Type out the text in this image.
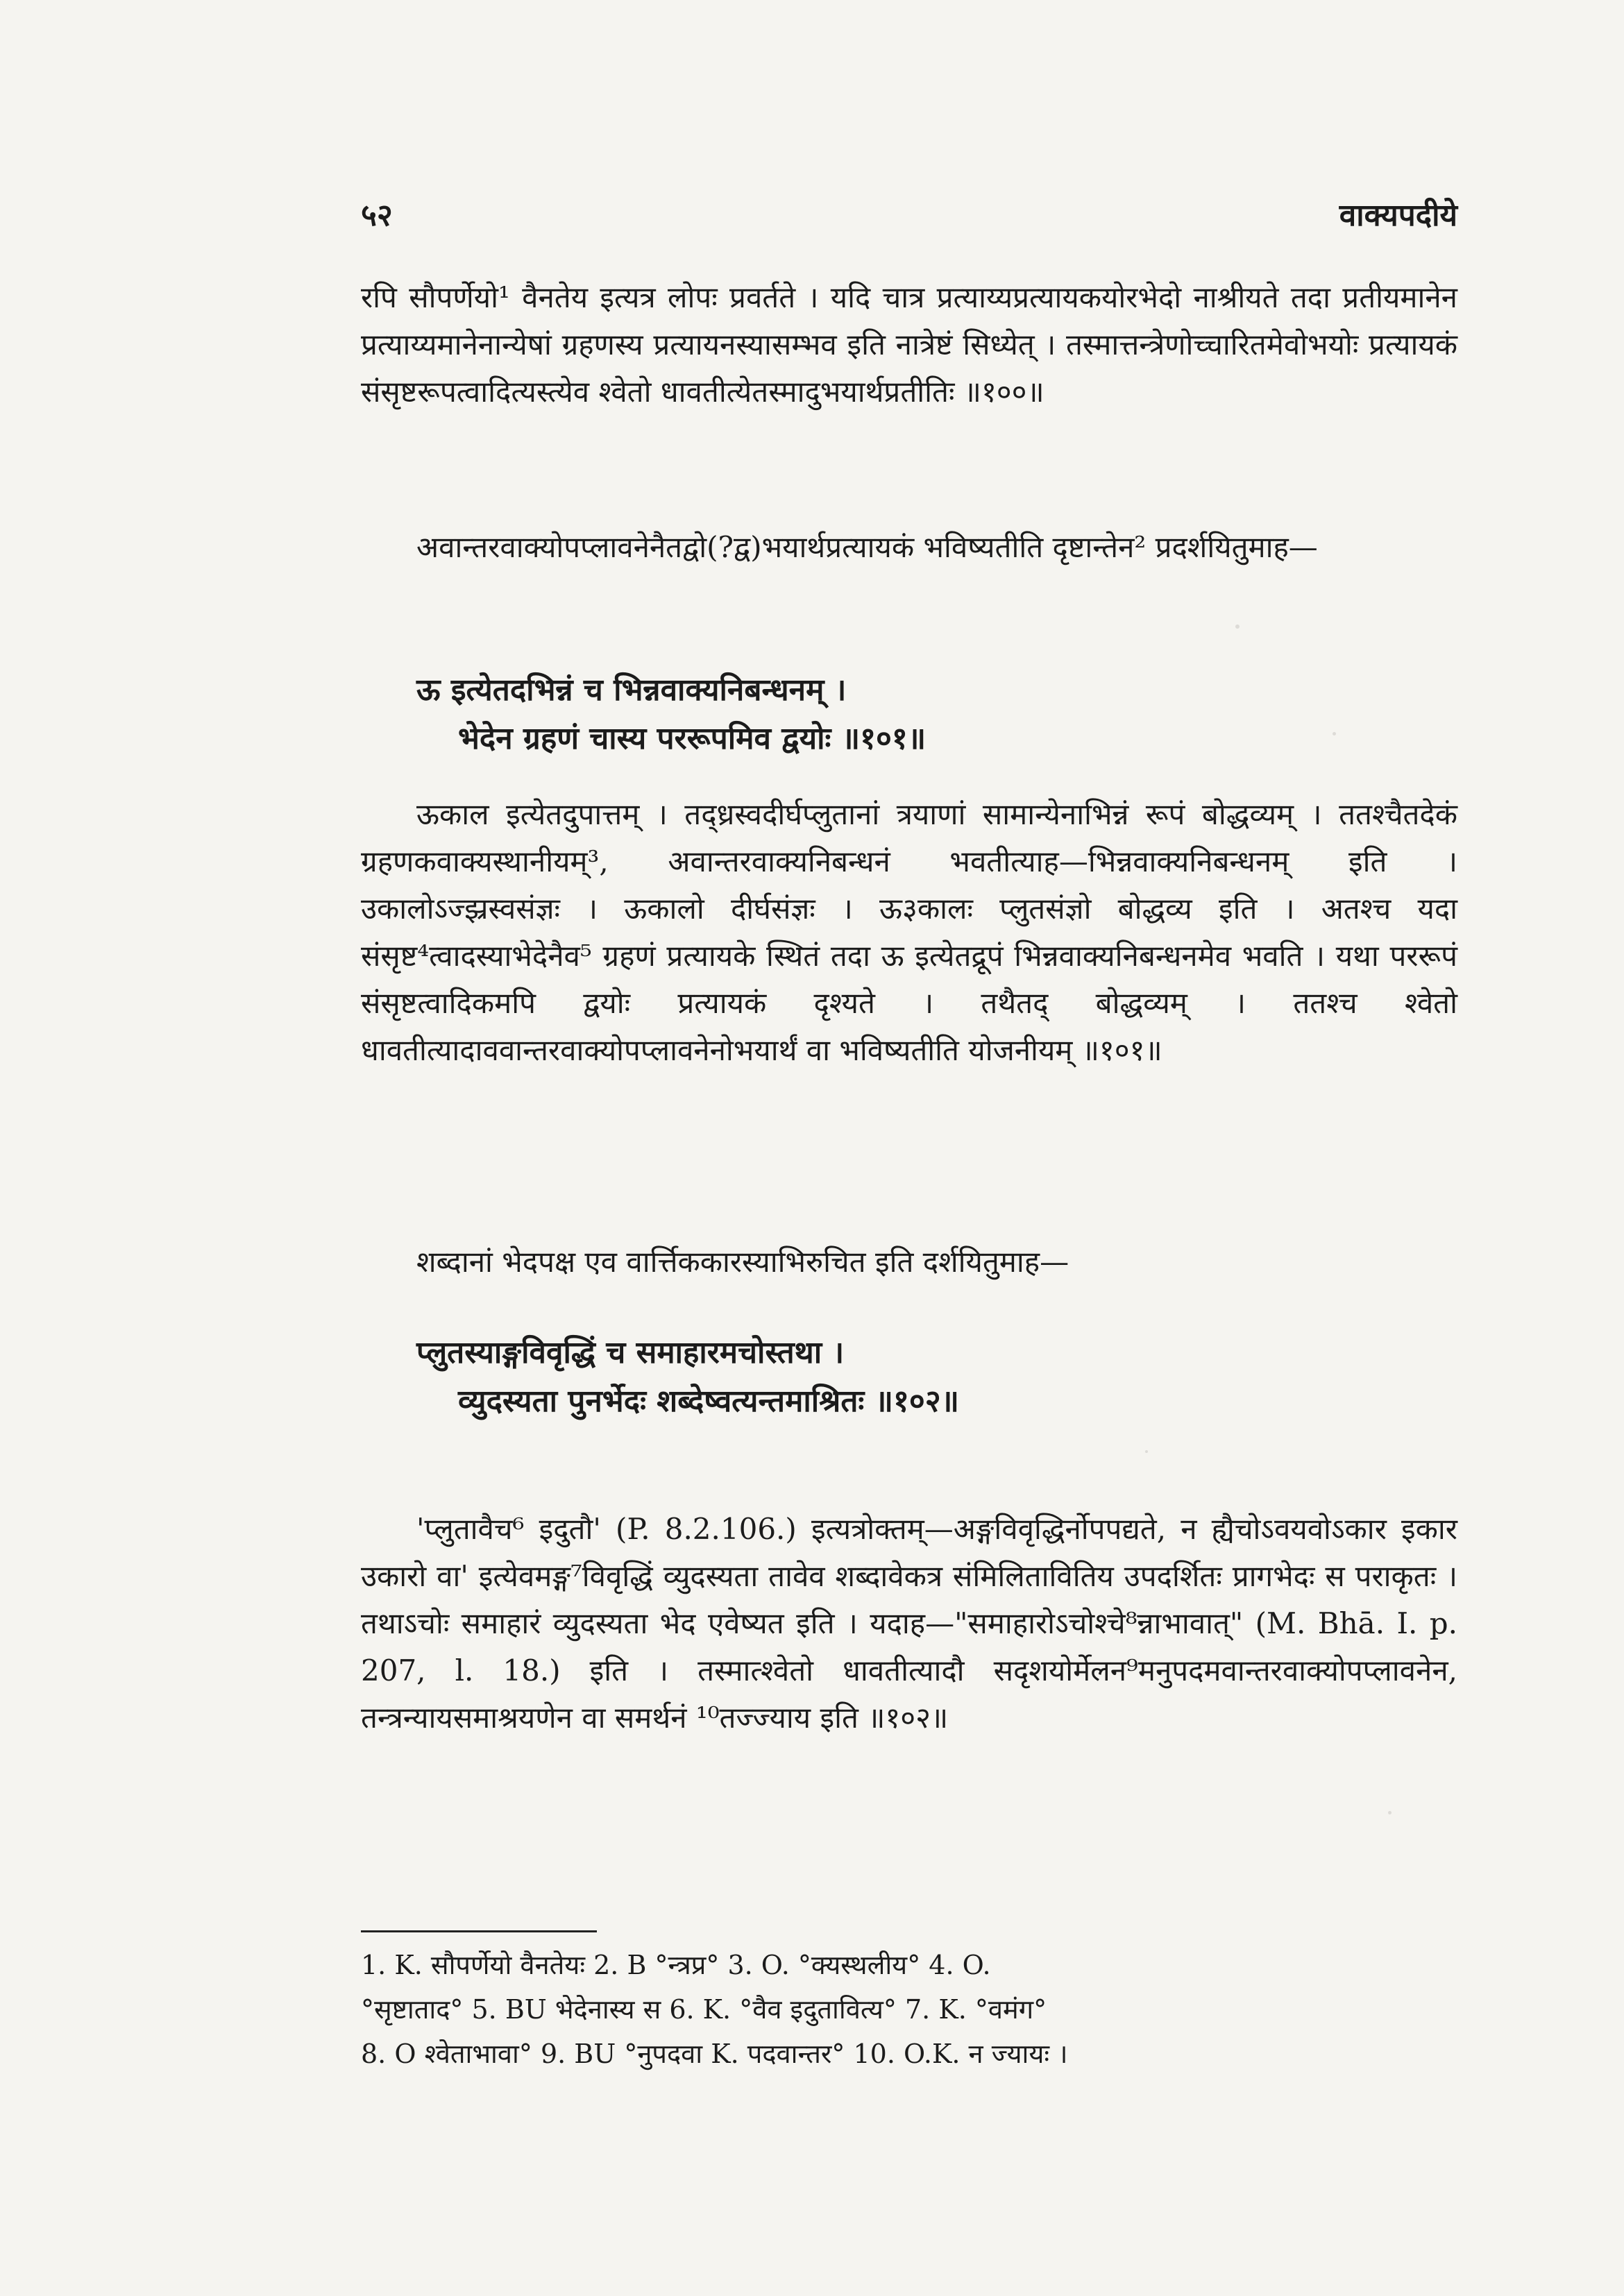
५२	वाक्यपदीये

रपि सौपर्णेयो¹ वैनतेय इत्यत्र लोपः प्रवर्तते । यदि चात्र प्रत्याय्यप्रत्यायकयोरभेदो नाश्रीयते तदा प्रतीयमानेन प्रत्याय्यमानेनान्येषां ग्रहणस्य प्रत्यायनस्यासम्भव इति नात्रेष्टं सिध्येत् । तस्मात्तन्त्रेणोच्चारितमेवोभयोः प्रत्यायकं संसृष्टरूपत्वादित्यस्त्येव श्वेतो धावतीत्येतस्मादुभयार्थप्रतीतिः ॥१००॥

अवान्तरवाक्योपप्लावनेनैतद्वो(?द्व)भयार्थप्रत्यायकं भविष्यतीति दृष्टान्तेन² प्रदर्शयितुमाह—

ऊ इत्येतदभिन्नं च भिन्नवाक्यनिबन्धनम् ।
भेदेन ग्रहणं चास्य पररूपमिव द्वयोः ॥१०१॥

ऊकाल इत्येतदुपात्तम् । तद्ध्रस्वदीर्घप्लुतानां त्रयाणां सामान्येनाभिन्नं रूपं बोद्धव्यम् । ततश्चैतदेकं ग्रहणकवाक्यस्थानीयम्³, अवान्तरवाक्यनिबन्धनं भवतीत्याह—भिन्नवाक्यनिबन्धनम् इति । उकालोऽज्झ्रस्वसंज्ञः । ऊकालो दीर्घसंज्ञः । ऊ३कालः प्लुतसंज्ञो बोद्धव्य इति । अतश्च यदा संसृष्ट⁴त्वादस्याभेदेनैव⁵ ग्रहणं प्रत्यायके स्थितं तदा ऊ इत्येतद्रूपं भिन्नवाक्यनिबन्धनमेव भवति । यथा पररूपं संसृष्टत्वादिकमपि द्वयोः प्रत्यायकं दृश्यते । तथैतद् बोद्धव्यम् । ततश्च श्वेतो धावतीत्यादाववान्तरवाक्योपप्लावनेनोभयार्थं वा भविष्यतीति योजनीयम् ॥१०१॥

शब्दानां भेदपक्ष एव वार्त्तिककारस्याभिरुचित इति दर्शयितुमाह—

प्लुतस्याङ्गविवृद्धिं च समाहारमचोस्तथा ।
व्युदस्यता पुनर्भेदः शब्देष्वत्यन्तमाश्रितः ॥१०२॥

'प्लुतावैच⁶ इदुतौ' (P. 8.2.106.) इत्यत्रोक्तम्—अङ्गविवृद्धिर्नोपपद्यते, न ह्यैचोऽवयवोऽकार इकार उकारो वा' इत्येवमङ्ग⁷विवृद्धिं व्युदस्यता तावेव शब्दावेकत्र संमिलितावितिय उपदर्शितः प्रागभेदः स पराकृतः । तथाऽचोः समाहारं व्युदस्यता भेद एवेष्यत इति । यदाह—"समाहारोऽचोश्चे⁸न्नाभावात्" (M. Bhā. I. p. 207, l. 18.) इति । तस्मात्श्वेतो धावतीत्यादौ सदृशयोर्मेलन⁹मनुपदमवान्तरवाक्योपप्लावनेन, तन्त्रन्यायसमाश्रयणेन वा समर्थनं ¹⁰तज्ज्याय इति ॥१०२॥

1. K. सौपर्णेयो वैनतेयः 2. B °न्त्रप्र° 3. O. °क्यस्थलीय° 4. O.
°सृष्टाताद° 5. BU भेदेनास्य स 6. K. °वैव इदुतावित्य° 7. K. °वमंग°
8. O श्वेताभावा° 9. BU °नुपदवा K. पदवान्तर° 10. O.K. न ज्यायः ।
